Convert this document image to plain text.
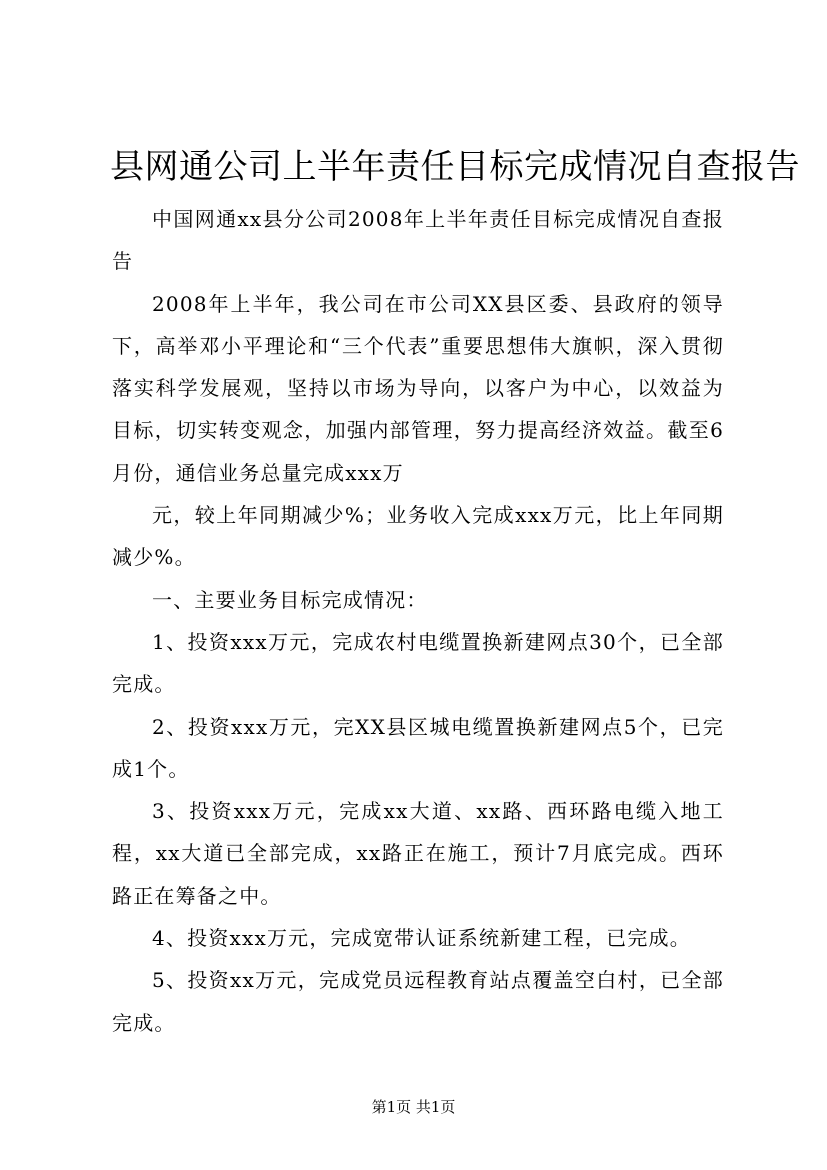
县网通公司上半年责任目标完成情况自查报告

中国网通xx县分公司2008年上半年责任目标完成情况自查报告

2008年上半年，我公司在市公司XX县区委、县政府的领导下，高举邓小平理论和“三个代表”重要思想伟大旗帜，深入贯彻落实科学发展观，坚持以市场为导向，以客户为中心，以效益为目标，切实转变观念，加强内部管理，努力提高经济效益。截至6月份，通信业务总量完成xxx万

元，较上年同期减少%；业务收入完成xxx万元，比上年同期减少%。

一、主要业务目标完成情况：

1、投资xxx万元，完成农村电缆置换新建网点30个，已全部完成。

2、投资xxx万元，完XX县区城电缆置换新建网点5个，已完成1个。

3、投资xxx万元，完成xx大道、xx路、西环路电缆入地工程，xx大道已全部完成，xx路正在施工，预计7月底完成。西环路正在筹备之中。

4、投资xxx万元，完成宽带认证系统新建工程，已完成。

5、投资xx万元，完成党员远程教育站点覆盖空白村，已全部完成。

第1页 共1页
